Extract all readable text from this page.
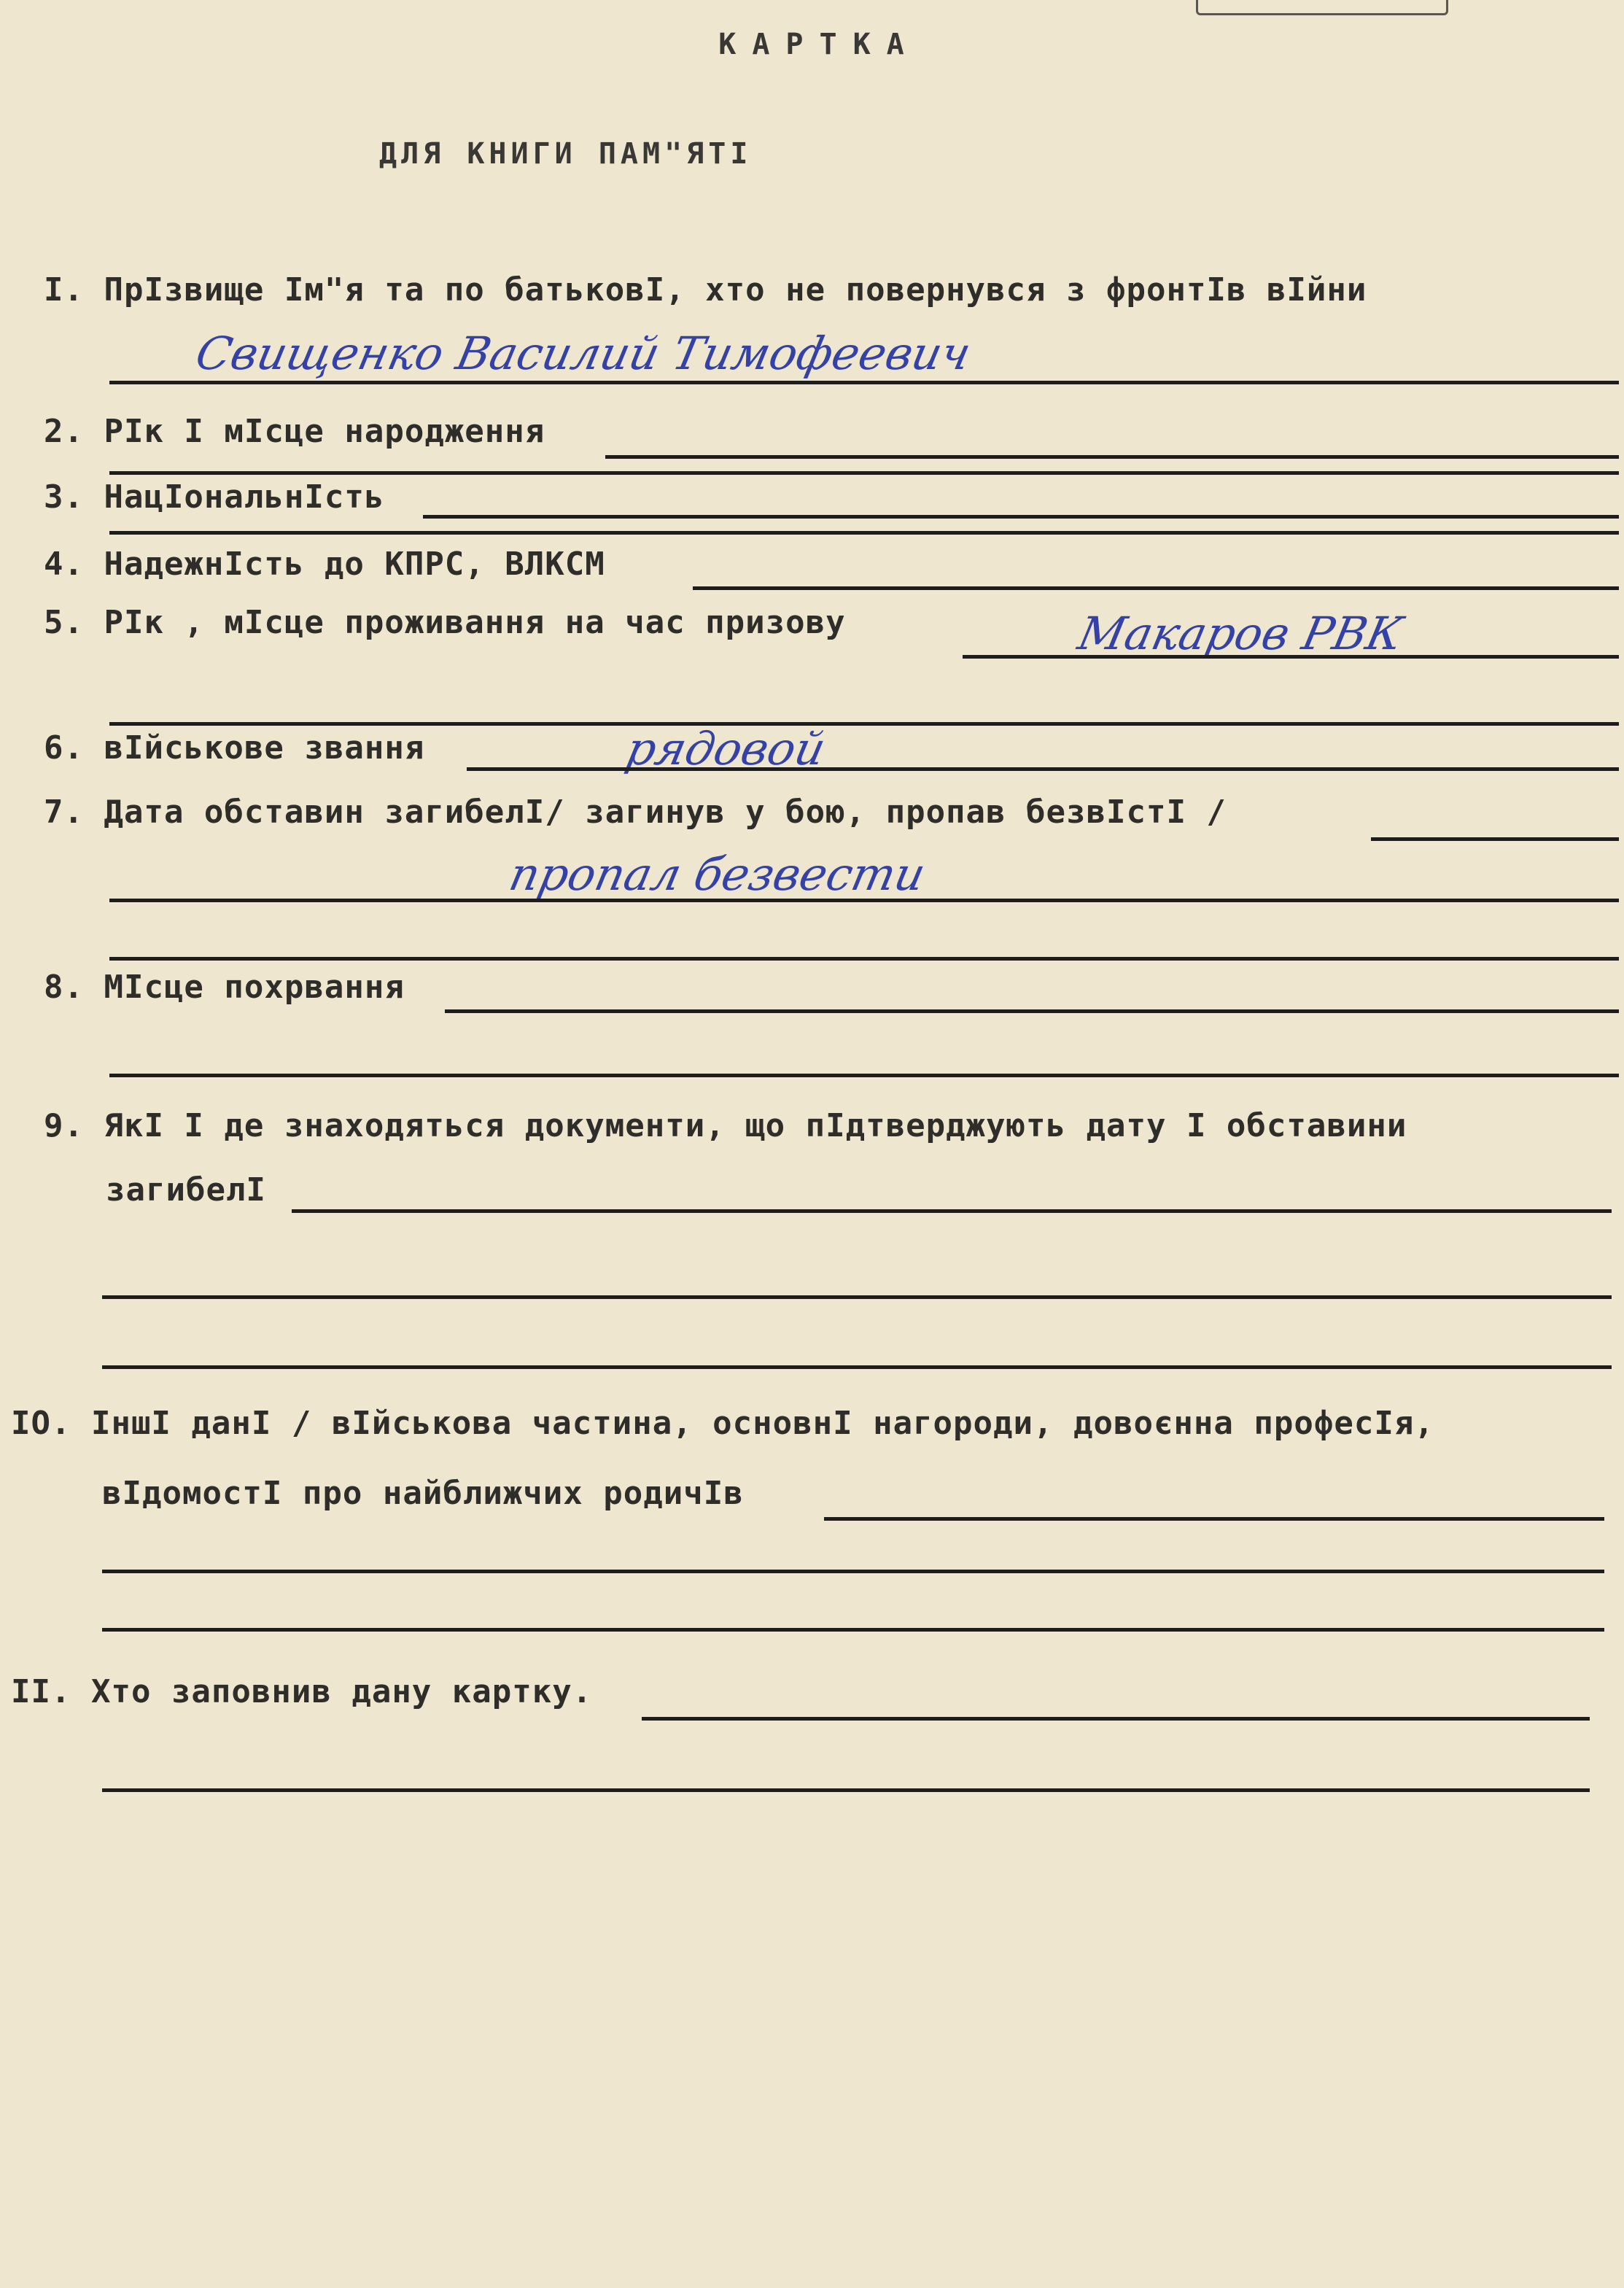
КАРТКА
ДЛЯ КНИГИ ПАМ"ЯТІ
I. ПрІзвище Ім"я та по батьковІ, хто не повернувся з фронтІв вІйни
Свищенко Василий Тимофеевич
2. РІк І мІсце народження
3. НацІональнІсть
4. НадежнІсть до КПРС, ВЛКСМ
5. РІк , мІсце проживання на час призову	Макаров РВК
6. вІйськове звання	рядовой
7. Дата обставин загибелІ/ загинув у бою, пропав безвІстІ /
пропал безвести
8. МІсце похрвання
9. ЯкІ І де знаходяться документи, що пІдтверджують дату І обставини
загибелІ
IO. ІншІ данІ / вІйськова частина, основнІ нагороди, довоєнна професІя,
вІдомостІ про найближчих родичІв
II. Хто заповнив дану картку.
